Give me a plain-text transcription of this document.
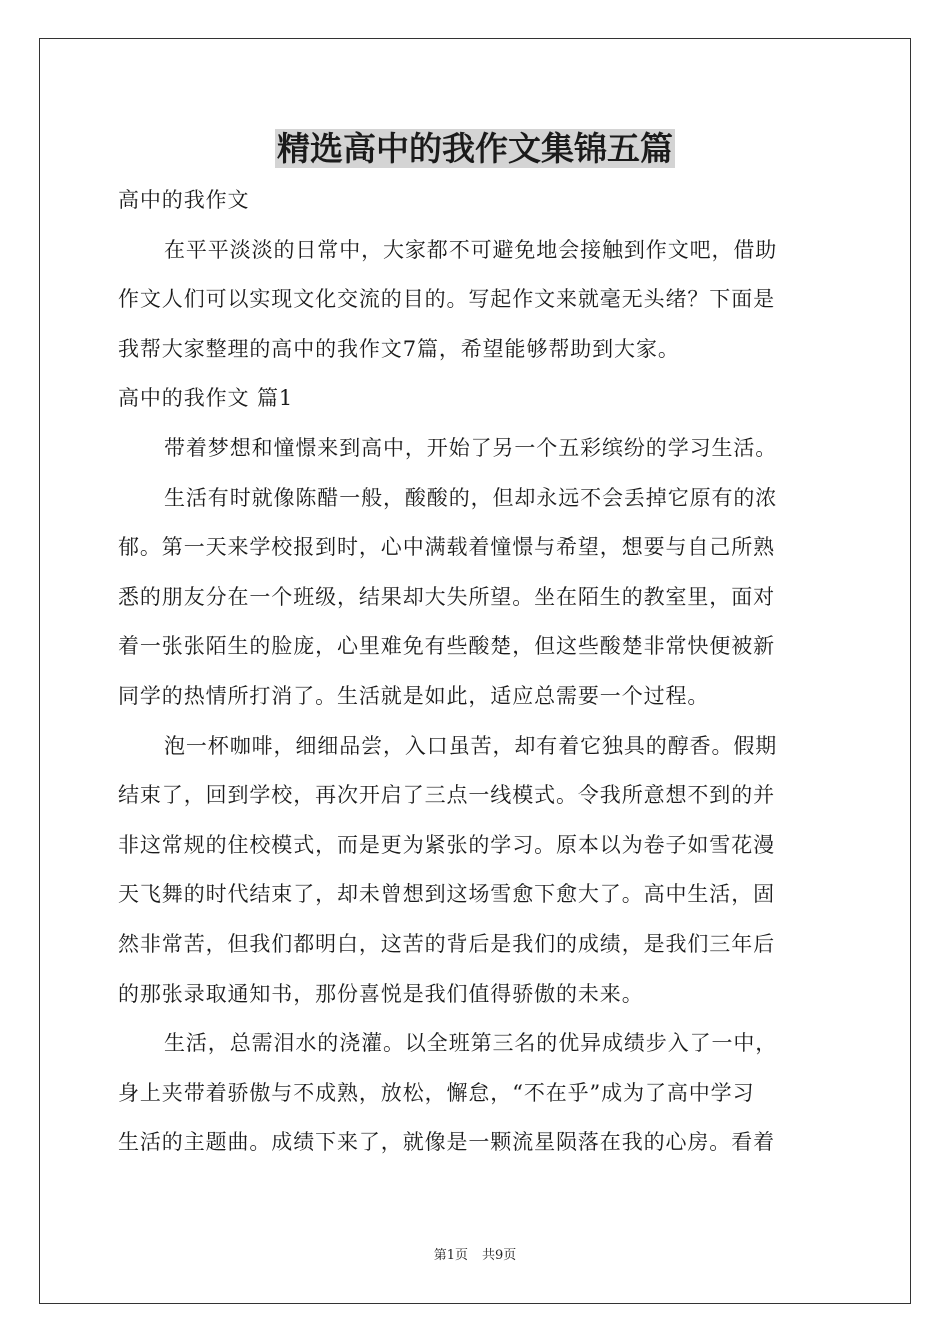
精选高中的我作文集锦五篇
高中的我作文
在平平淡淡的日常中，大家都不可避免地会接触到作文吧，借助
作文人们可以实现文化交流的目的。写起作文来就毫无头绪？下面是
我帮大家整理的高中的我作文7篇，希望能够帮助到大家。
高中的我作文 篇1
带着梦想和憧憬来到高中，开始了另一个五彩缤纷的学习生活。
生活有时就像陈醋一般，酸酸的，但却永远不会丢掉它原有的浓
郁。第一天来学校报到时，心中满载着憧憬与希望，想要与自己所熟
悉的朋友分在一个班级，结果却大失所望。坐在陌生的教室里，面对
着一张张陌生的脸庞，心里难免有些酸楚，但这些酸楚非常快便被新
同学的热情所打消了。生活就是如此，适应总需要一个过程。
泡一杯咖啡，细细品尝，入口虽苦，却有着它独具的醇香。假期
结束了，回到学校，再次开启了三点一线模式。令我所意想不到的并
非这常规的住校模式，而是更为紧张的学习。原本以为卷子如雪花漫
天飞舞的时代结束了，却未曾想到这场雪愈下愈大了。高中生活，固
然非常苦，但我们都明白，这苦的背后是我们的成绩，是我们三年后
的那张录取通知书，那份喜悦是我们值得骄傲的未来。
生活，总需泪水的浇灌。以全班第三名的优异成绩步入了一中，
身上夹带着骄傲与不成熟，放松，懈怠，“不在乎”成为了高中学习
生活的主题曲。成绩下来了，就像是一颗流星陨落在我的心房。看着
第1页 共9页
